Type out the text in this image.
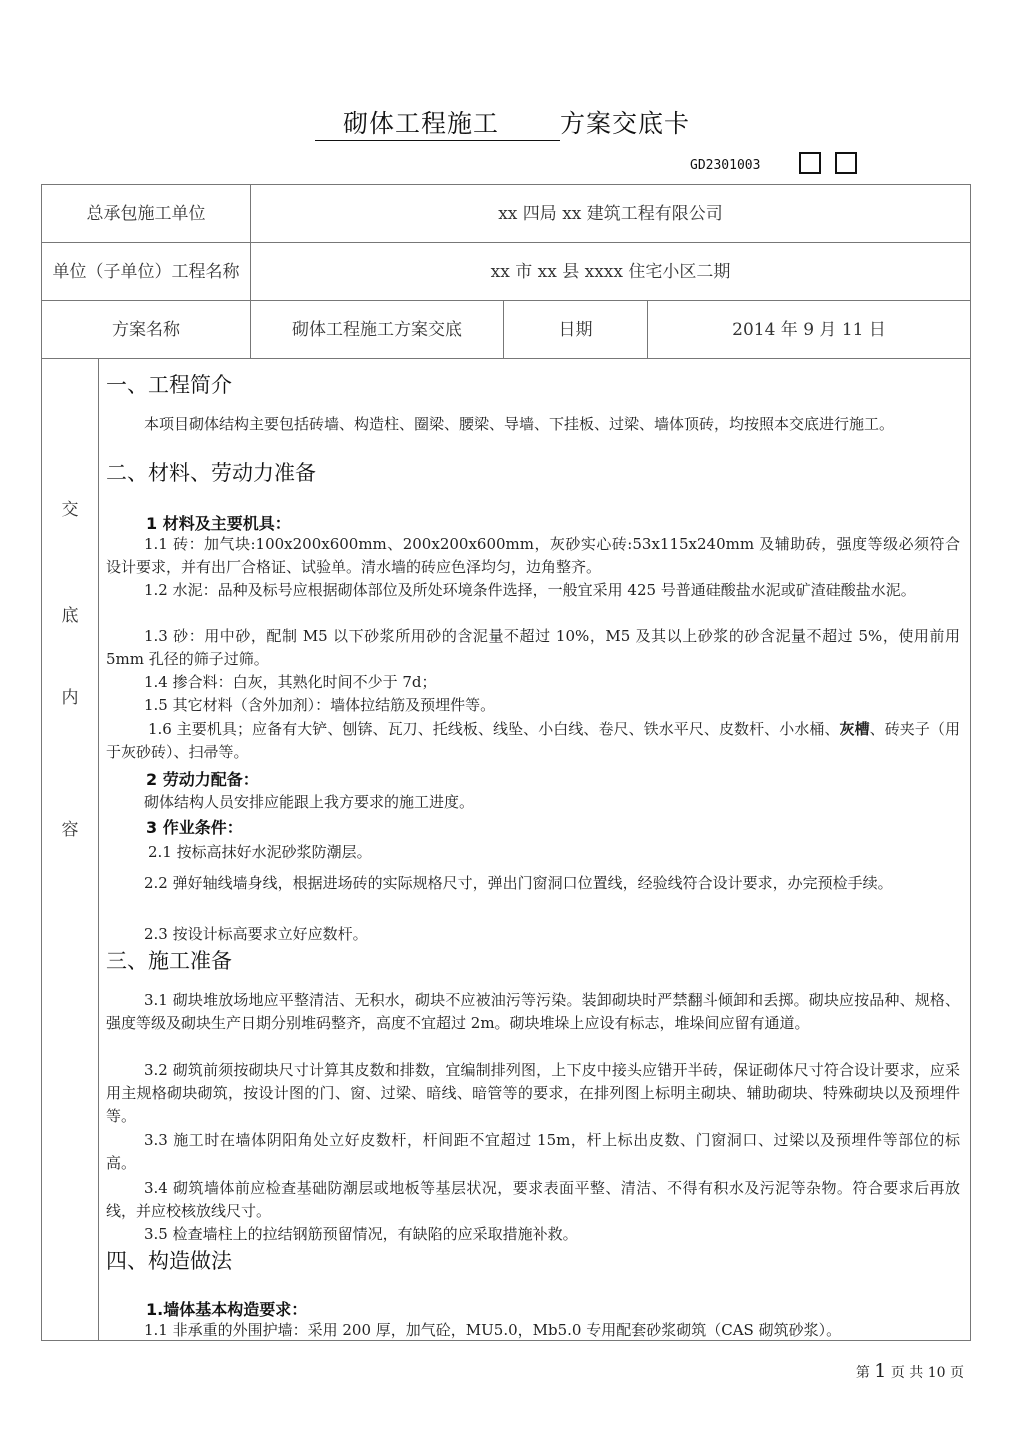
砌体工程施工 方案交底卡
GD2301003
总承包施工单位	xx 四局 xx 建筑工程有限公司
单位（子单位）工程名称	xx 市 xx 县 xxxx 住宅小区二期
方案名称	砌体工程施工方案交底	日期	2014 年 9 月 11 日
交
底
内
容
一、工程简介

本项目砌体结构主要包括砖墙、构造柱、圈梁、腰梁、导墙、下挂板、过梁、墙体顶砖，均按照本交底进行施工。

二、材料、劳动力准备
1 材料及主要机具：

1.1 砖：加气块:100x200x600mm、200x200x600mm，灰砂实心砖:53x115x240mm 及辅助砖，强度等级必须符合设计要求，并有出厂合格证、试验单。清水墙的砖应色泽均匀，边角整齐。

1.2 水泥：品种及标号应根据砌体部位及所处环境条件选择，一般宜采用 425 号普通硅酸盐水泥或矿渣硅酸盐水泥。

1.3 砂：用中砂，配制 M5 以下砂浆所用砂的含泥量不超过 10%，M5 及其以上砂浆的砂含泥量不超过 5%，使用前用 5mm 孔径的筛子过筛。

1.4 掺合料：白灰，其熟化时间不少于 7d；

1.5 其它材料（含外加剂）：墙体拉结筋及预埋件等。

1.6 主要机具；应备有大铲、刨锛、瓦刀、托线板、线坠、小白线、卷尺、铁水平尺、皮数杆、小水桶、灰槽、砖夹子（用于灰砂砖）、扫帚等。

2 劳动力配备：

砌体结构人员安排应能跟上我方要求的施工进度。

3 作业条件：

2.1 按标高抹好水泥砂浆防潮层。

2.2 弹好轴线墙身线，根据进场砖的实际规格尺寸，弹出门窗洞口位置线，经验线符合设计要求，办完预检手续。

2.3 按设计标高要求立好应数杆。

三、施工准备

3.1 砌块堆放场地应平整清洁、无积水，砌块不应被油污等污染。装卸砌块时严禁翻斗倾卸和丢掷。砌块应按品种、规格、强度等级及砌块生产日期分别堆码整齐，高度不宜超过 2m。砌块堆垛上应设有标志，堆垛间应留有通道。

3.2 砌筑前须按砌块尺寸计算其皮数和排数，宜编制排列图，上下皮中接头应错开半砖，保证砌体尺寸符合设计要求，应采用主规格砌块砌筑，按设计图的门、窗、过梁、暗线、暗管等的要求，在排列图上标明主砌块、辅助砌块、特殊砌块以及预埋件等。

3.3 施工时在墙体阴阳角处立好皮数杆，杆间距不宜超过 15m，杆上标出皮数、门窗洞口、过梁以及预埋件等部位的标高。

3.4 砌筑墙体前应检查基础防潮层或地板等基层状况，要求表面平整、清洁、不得有积水及污泥等杂物。符合要求后再放线，并应校核放线尺寸。

3.5 检查墙柱上的拉结钢筋预留情况，有缺陷的应采取措施补救。

四、构造做法
1.墙体基本构造要求：

1.1 非承重的外围护墙：采用 200 厚，加气砼，MU5.0，Mb5.0 专用配套砂浆砌筑（CAS 砌筑砂浆）。

第 1 页 共 10 页
